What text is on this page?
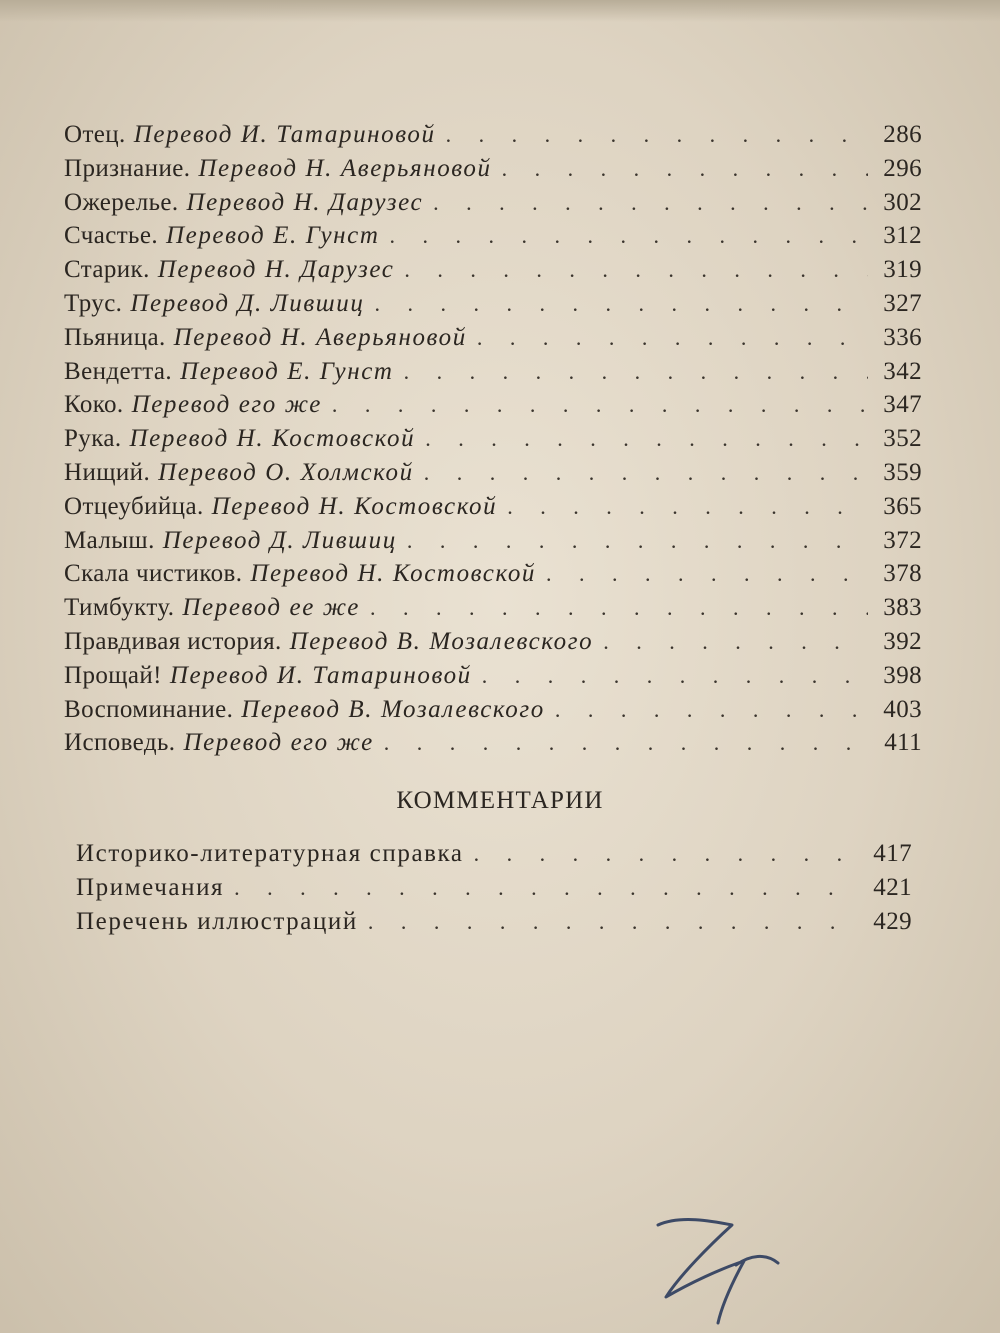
Отец. Перевод И. Татариновой . . .	286
Признание. Перевод Н. Аверьяновой . . .	296
Ожерелье. Перевод Н. Дарузес . . .	302
Счастье. Перевод Е. Гунст . . .	312
Старик. Перевод Н. Дарузес . . .	319
Трус. Перевод Д. Лившиц . . .	327
Пьяница. Перевод Н. Аверьяновой . . .	336
Вендетта. Перевод Е. Гунст . . .	342
Коко. Перевод его же . . .	347
Рука. Перевод Н. Костовской . . .	352
Нищий. Перевод О. Холмской . . .	359
Отцеубийца. Перевод Н. Костовской . . .	365
Малыш. Перевод Д. Лившиц . . .	372
Скала чистиков. Перевод Н. Костовской . . .	378
Тимбукту. Перевод ее же . . .	383
Правдивая история. Перевод В. Мозалевского . . .	392
Прощай! Перевод И. Татариновой . . .	398
Воспоминание. Перевод В. Мозалевского . . .	403
Исповедь. Перевод его же . . .	411
КОММЕНТАРИИ
Историко-литературная справка . . .	417
Примечания . . .	421
Перечень иллюстраций . . .	429
